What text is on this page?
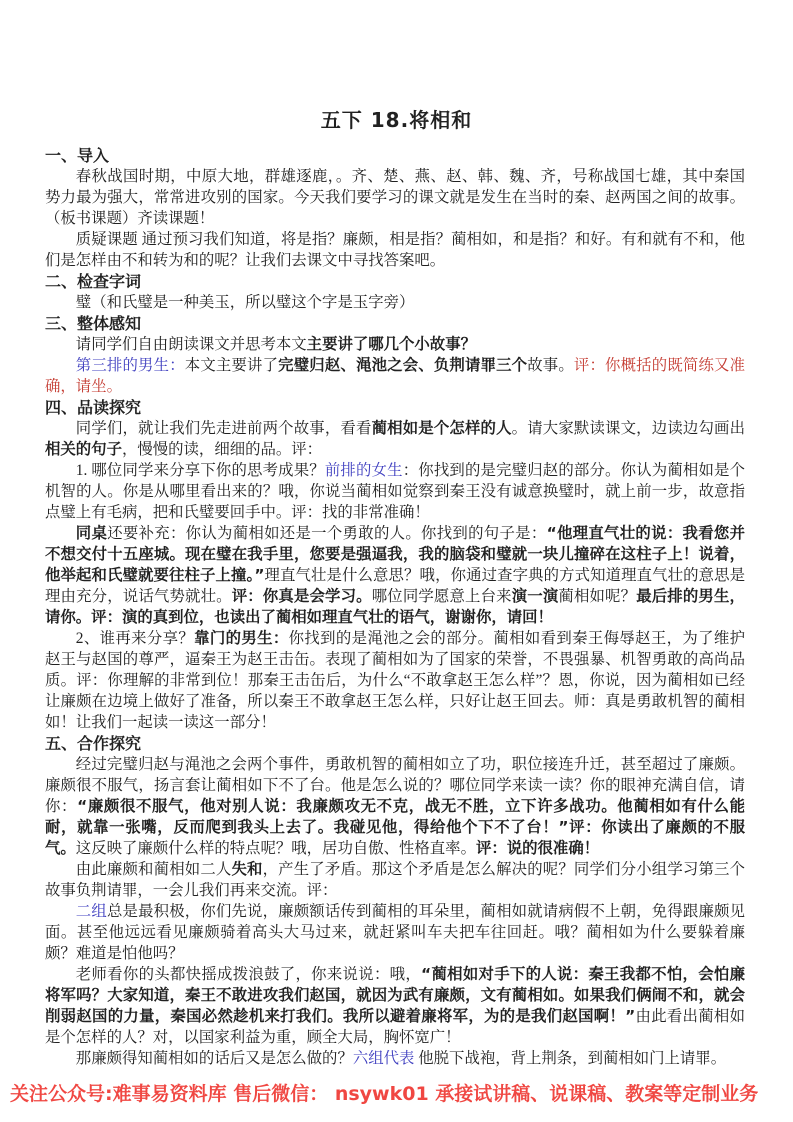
五下 18.将相和
一、导入

春秋战国时期，中原大地，群雄逐鹿，。齐、楚、燕、赵、韩、魏、齐，号称战国七雄，其中秦国势力最为强大，常常进攻别的国家。今天我们要学习的课文就是发生在当时的秦、赵两国之间的故事。（板书课题）齐读课题！

质疑课题 通过预习我们知道，将是指？廉颇，相是指？蔺相如，和是指？和好。有和就有不和，他们是怎样由不和转为和的呢？让我们去课文中寻找答案吧。

二、检查字词

璧（和氏璧是一种美玉，所以璧这个字是玉字旁）

三、整体感知

请同学们自由朗读课文并思考本文主要讲了哪几个小故事？

第三排的男生：本文主要讲了完璧归赵、渑池之会、负荆请罪三个故事。评：你概括的既简练又准确，请坐。

四、品读探究

同学们，就让我们先走进前两个故事，看看蔺相如是个怎样的人。请大家默读课文，边读边勾画出相关的句子，慢慢的读，细细的品。评：

1. 哪位同学来分享下你的思考成果？前排的女生：你找到的是完璧归赵的部分。你认为蔺相如是个机智的人。你是从哪里看出来的？哦，你说当蔺相如觉察到秦王没有诚意换璧时，就上前一步，故意指点璧上有毛病，把和氏璧要回手中。评：找的非常准确！

同桌还要补充：你认为蔺相如还是一个勇敢的人。你找到的句子是：“他理直气壮的说：我看您并不想交付十五座城。现在璧在我手里，您要是强逼我，我的脑袋和璧就一块儿撞碎在这柱子上！说着，他举起和氏璧就要往柱子上撞。”理直气壮是什么意思？哦，你通过查字典的方式知道理直气壮的意思是理由充分，说话气势就壮。评：你真是会学习。哪位同学愿意上台来演一演蔺相如呢？最后排的男生，请你。评：演的真到位，也读出了蔺相如理直气壮的语气，谢谢你，请回！

2、谁再来分享？靠门的男生：你找到的是渑池之会的部分。蔺相如看到秦王侮辱赵王，为了维护赵王与赵国的尊严，逼秦王为赵王击缶。表现了蔺相如为了国家的荣誉，不畏强暴、机智勇敢的高尚品质。评：你理解的非常到位！那秦王击缶后，为什么“不敢拿赵王怎么样”？恩，你说，因为蔺相如已经让廉颇在边境上做好了准备，所以秦王不敢拿赵王怎么样，只好让赵王回去。师：真是勇敢机智的蔺相如！让我们一起读一读这一部分！

五、合作探究

经过完璧归赵与渑池之会两个事件，勇敢机智的蔺相如立了功，职位接连升迁，甚至超过了廉颇。廉颇很不服气，扬言套让蔺相如下不了台。他是怎么说的？哪位同学来读一读？你的眼神充满自信，请你：“廉颇很不服气，他对别人说：我廉颇攻无不克，战无不胜，立下许多战功。他蔺相如有什么能耐，就靠一张嘴，反而爬到我头上去了。我碰见他，得给他个下不了台！”评：你读出了廉颇的不服气。这反映了廉颇什么样的特点呢？哦，居功自傲、性格直率。评：说的很准确！

由此廉颇和蔺相如二人失和，产生了矛盾。那这个矛盾是怎么解决的呢？同学们分小组学习第三个故事负荆请罪，一会儿我们再来交流。评：

二组总是最积极，你们先说，廉颇额话传到蔺相的耳朵里，蔺相如就请病假不上朝，免得跟廉颇见面。甚至他远远看见廉颇骑着高头大马过来，就赶紧叫车夫把车往回赶。哦？蔺相如为什么要躲着廉颇？难道是怕他吗？

老师看你的头都快摇成拨浪鼓了，你来说说：哦，“蔺相如对手下的人说：秦王我都不怕，会怕廉将军吗？大家知道，秦王不敢进攻我们赵国，就因为武有廉颇，文有蔺相如。如果我们俩闹不和，就会削弱赵国的力量，秦国必然趁机来打我们。我所以避着廉将军，为的是我们赵国啊！”由此看出蔺相如是个怎样的人？对，以国家利益为重，顾全大局，胸怀宽广！

那廉颇得知蔺相如的话后又是怎么做的？六组代表 他脱下战袍，背上荆条，到蔺相如门上请罪。

关注公众号:难事易资料库 售后微信： nsywk01 承接试讲稿、说课稿、教案等定制业务
